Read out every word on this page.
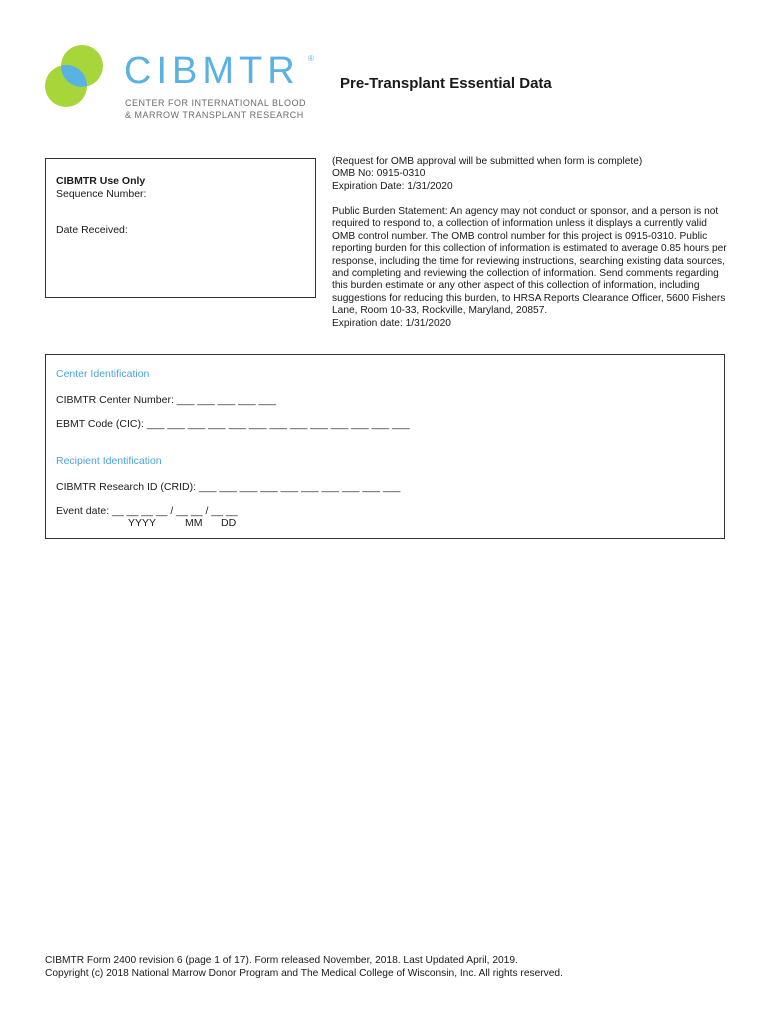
CIBMTR ®
CENTER FOR INTERNATIONAL BLOOD
& MARROW TRANSPLANT RESEARCH
Pre-Transplant Essential Data
CIBMTR Use Only
Sequence Number:
Date Received:
(Request for OMB approval will be submitted when form is complete)
OMB No: 0915-0310
Expiration Date: 1/31/2020
Public Burden Statement: An agency may not conduct or sponsor, and a person is not
required to respond to, a collection of information unless it displays a currently valid
OMB control number. The OMB control number for this project is 0915-0310. Public
reporting burden for this collection of information is estimated to average 0.85 hours per
response, including the time for reviewing instructions, searching existing data sources,
and completing and reviewing the collection of information. Send comments regarding
this burden estimate or any other aspect of this collection of information, including
suggestions for reducing this burden, to HRSA Reports Clearance Officer, 5600 Fishers
Lane, Room 10-33, Rockville, Maryland, 20857.
Expiration date: 1/31/2020
Center Identification
CIBMTR Center Number: ___ ___ ___ ___ ___
EBMT Code (CIC): ___ ___ ___ ___ ___ ___ ___ ___ ___ ___ ___ ___ ___
Recipient Identification
CIBMTR Research ID (CRID): ___ ___ ___ ___ ___ ___ ___ ___ ___ ___
Event date: __ __ __ __ / __ __ / __ __
YYYY	MM DD
CIBMTR Form 2400 revision 6 (page 1 of 17). Form released November, 2018. Last Updated April, 2019.
Copyright (c) 2018 National Marrow Donor Program and The Medical College of Wisconsin, Inc. All rights reserved.
